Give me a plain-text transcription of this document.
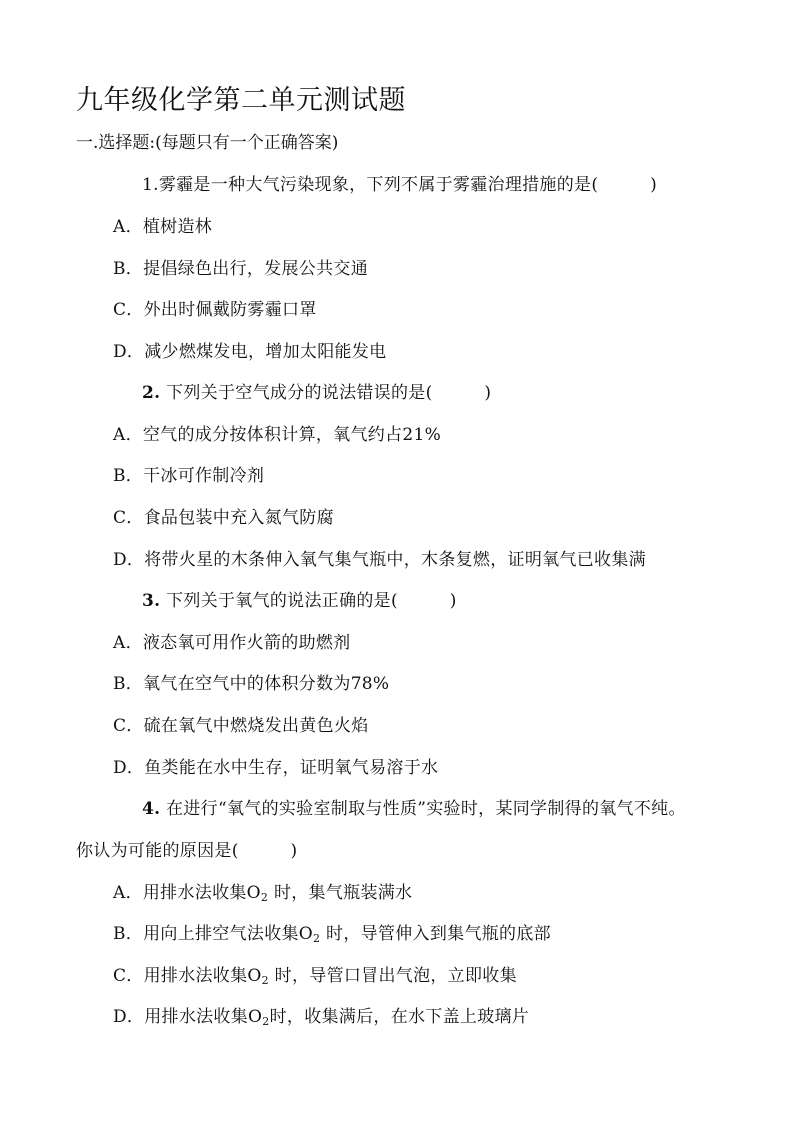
九年级化学第二单元测试题
一.选择题:(每题只有一个正确答案)
1.雾霾是一种大气污染现象，下列不属于雾霾治理措施的是(　　　)
A．植树造林
B．提倡绿色出行，发展公共交通
C．外出时佩戴防雾霾口罩
D．减少燃煤发电，增加太阳能发电
2. 下列关于空气成分的说法错误的是(　　　)
A．空气的成分按体积计算，氧气约占21%
B．干冰可作制冷剂
C．食品包装中充入氮气防腐
D．将带火星的木条伸入氧气集气瓶中，木条复燃，证明氧气已收集满
3. 下列关于氧气的说法正确的是(　　　)
A．液态氧可用作火箭的助燃剂
B．氧气在空气中的体积分数为78%
C．硫在氧气中燃烧发出黄色火焰
D．鱼类能在水中生存，证明氧气易溶于水
4. 在进行“氧气的实验室制取与性质”实验时，某同学制得的氧气不纯。
你认为可能的原因是(　　　)
A．用排水法收集$O_2$ 时，集气瓶装满水
B．用向上排空气法收集$O_2$ 时，导管伸入到集气瓶的底部
C．用排水法收集$O_2$ 时，导管口冒出气泡，立即收集
D．用排水法收集$O_2$时，收集满后，在水下盖上玻璃片
